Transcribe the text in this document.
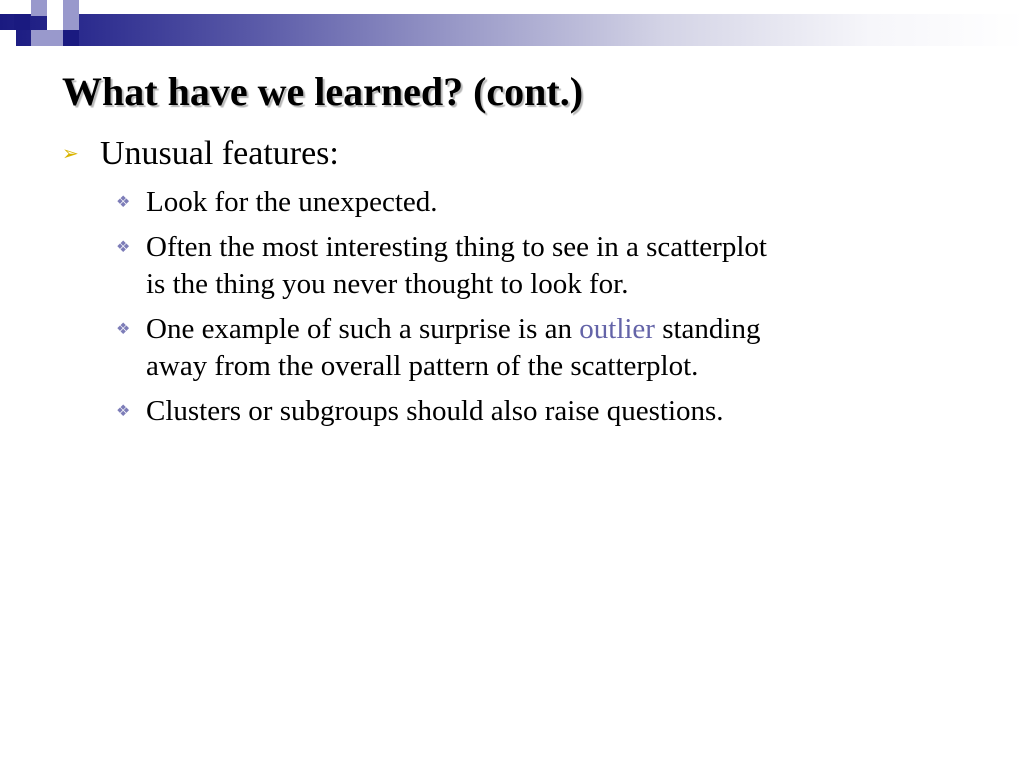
What have we learned? (cont.)
➢ Unusual features:
❖ Look for the unexpected.
❖ Often the most interesting thing to see in a scatterplot
is the thing you never thought to look for.
❖ One example of such a surprise is an outlier standing
away from the overall pattern of the scatterplot.
❖ Clusters or subgroups should also raise questions.
